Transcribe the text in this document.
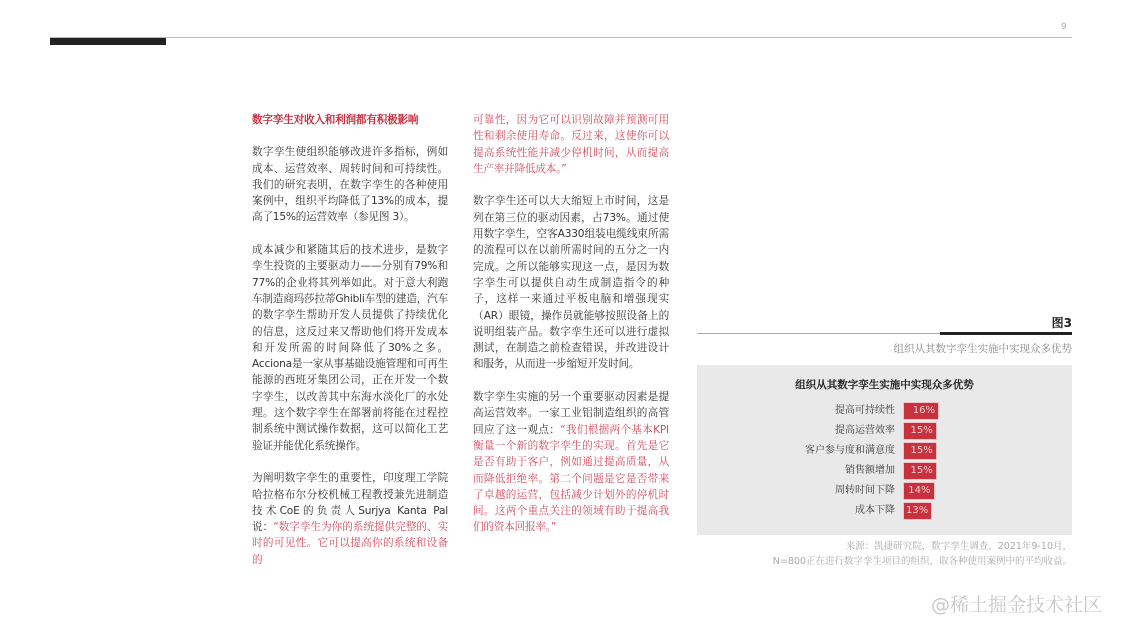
9
数字孪生对收入和利润都有积极影响

数字孪生使组织能够改进许多指标，例如成本、运营效率、周转时间和可持续性。我们的研究表明，在数字孪生的各种使用案例中，组织平均降低了13%的成本，提高了15%的运营效率（参见图 3）。

成本减少和紧随其后的技术进步，是数字孪生投资的主要驱动力——分别有79%和77%的企业将其列举如此。对于意大利跑车制造商玛莎拉蒂Ghibli车型的建造，汽车的数字孪生帮助开发人员提供了持续优化的信息，这反过来又帮助他们将开发成本和开发所需的时间降低了30%之多。Acciona是一家从事基础设施管理和可再生能源的西班牙集团公司，正在开发一个数字孪生，以改善其中东海水淡化厂的水处理。这个数字孪生在部署前将能在过程控制系统中测试操作数据，这可以简化工艺验证并能优化系统操作。

为阐明数字孪生的重要性，印度理工学院哈拉格布尔分校机械工程教授兼先进制造技术CoE的负责人Surjya Kanta Pal说：“数字孪生为你的系统提供完整的、实时的可见性。它可以提高你的系统和设备的

可靠性，因为它可以识别故障并预测可用性和剩余使用寿命。反过来，这使你可以提高系统性能并减少停机时间，从而提高生产率并降低成本。”

数字孪生还可以大大缩短上市时间，这是列在第三位的驱动因素，占73%。通过使用数字孪生，空客A330组装电缆线束所需的流程可以在以前所需时间的五分之一内完成。之所以能够实现这一点，是因为数字孪生可以提供自动生成制造指令的种子，这样一来通过平板电脑和增强现实（AR）眼镜，操作员就能够按照设备上的说明组装产品。数字孪生还可以进行虚拟测试，在制造之前检查错误，并改进设计和服务，从而进一步缩短开发时间。

数字孪生实施的另一个重要驱动因素是提高运营效率。一家工业铝制造组织的高管回应了这一观点：“我们根据两个基本KPI衡量一个新的数字孪生的实现。首先是它是否有助于客户，例如通过提高质量，从而降低拒绝率。第二个问题是它是否带来了卓越的运营，包括减少计划外的停机时间。这两个重点关注的领域有助于提高我们的资本回报率。”

图3
组织从其数字孪生实施中实现众多优势
组织从其数字孪生实施中实现众多优势
提高可持续性	16%
提高运营效率	15%
客户参与度和满意度	15%
销售额增加	15%
周转时间下降	14%
成本下降	13%
来源：凯捷研究院，数字孪生调查，2021年9-10月，
N=800正在进行数字孪生项目的组织，取各种使用案例中的平均收益。
@稀土掘金技术社区
